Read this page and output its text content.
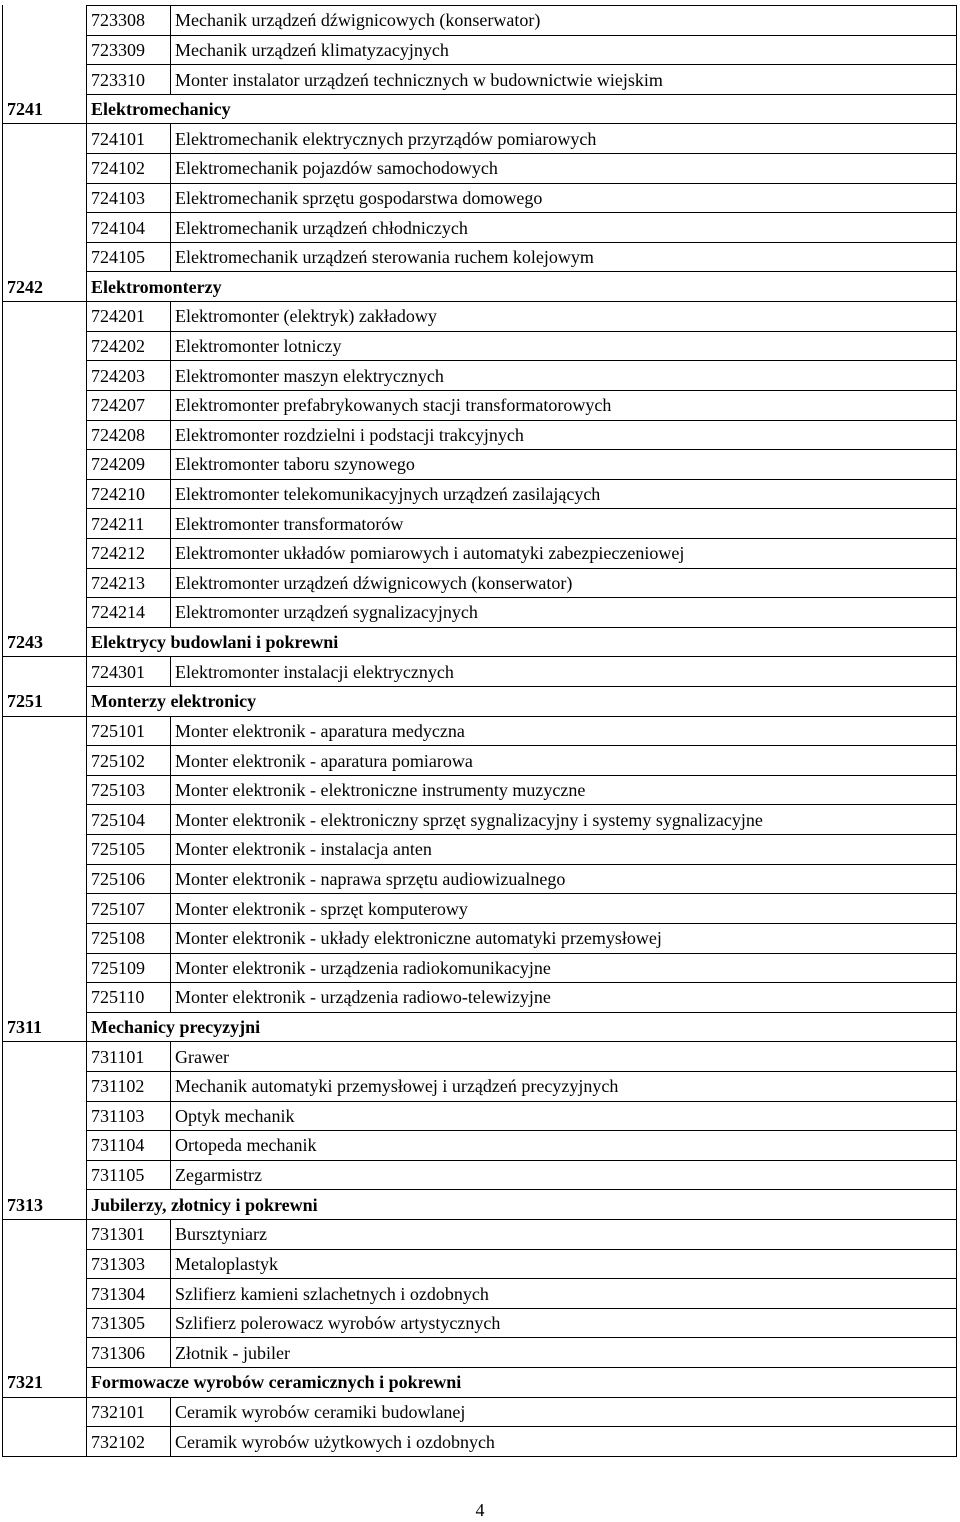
	723308	Mechanik urządzeń dźwignicowych (konserwator)
	723309	Mechanik urządzeń klimatyzacyjnych
	723310	Monter instalator urządzeń technicznych w budownictwie wiejskim
7241	Elektromechanicy	
	724101	Elektromechanik elektrycznych przyrządów pomiarowych
	724102	Elektromechanik pojazdów samochodowych
	724103	Elektromechanik sprzętu gospodarstwa domowego
	724104	Elektromechanik urządzeń chłodniczych
	724105	Elektromechanik urządzeń sterowania ruchem kolejowym
7242	Elektromonterzy	
	724201	Elektromonter (elektryk) zakładowy
	724202	Elektromonter lotniczy
	724203	Elektromonter maszyn elektrycznych
	724207	Elektromonter prefabrykowanych stacji transformatorowych
	724208	Elektromonter rozdzielni i podstacji trakcyjnych
	724209	Elektromonter taboru szynowego
	724210	Elektromonter telekomunikacyjnych urządzeń zasilających
	724211	Elektromonter transformatorów
	724212	Elektromonter układów pomiarowych i automatyki zabezpieczeniowej
	724213	Elektromonter urządzeń dźwignicowych (konserwator)
	724214	Elektromonter urządzeń sygnalizacyjnych
7243	Elektrycy budowlani i pokrewni	
	724301	Elektromonter instalacji elektrycznych
7251	Monterzy elektronicy	
	725101	Monter elektronik - aparatura medyczna
	725102	Monter elektronik - aparatura pomiarowa
	725103	Monter elektronik - elektroniczne instrumenty muzyczne
	725104	Monter elektronik - elektroniczny sprzęt sygnalizacyjny i systemy sygnalizacyjne
	725105	Monter elektronik - instalacja anten
	725106	Monter elektronik - naprawa sprzętu audiowizualnego
	725107	Monter elektronik - sprzęt komputerowy
	725108	Monter elektronik - układy elektroniczne automatyki przemysłowej
	725109	Monter elektronik - urządzenia radiokomunikacyjne
	725110	Monter elektronik - urządzenia radiowo-telewizyjne
7311	Mechanicy precyzyjni	
	731101	Grawer
	731102	Mechanik automatyki przemysłowej i urządzeń precyzyjnych
	731103	Optyk mechanik
	731104	Ortopeda mechanik
	731105	Zegarmistrz
7313	Jubilerzy, złotnicy i pokrewni	
	731301	Bursztyniarz
	731303	Metaloplastyk
	731304	Szlifierz kamieni szlachetnych i ozdobnych
	731305	Szlifierz polerowacz wyrobów artystycznych
	731306	Złotnik - jubiler
7321	Formowacze wyrobów ceramicznych i pokrewni	
	732101	Ceramik wyrobów ceramiki budowlanej
	732102	Ceramik wyrobów użytkowych i ozdobnych
4
